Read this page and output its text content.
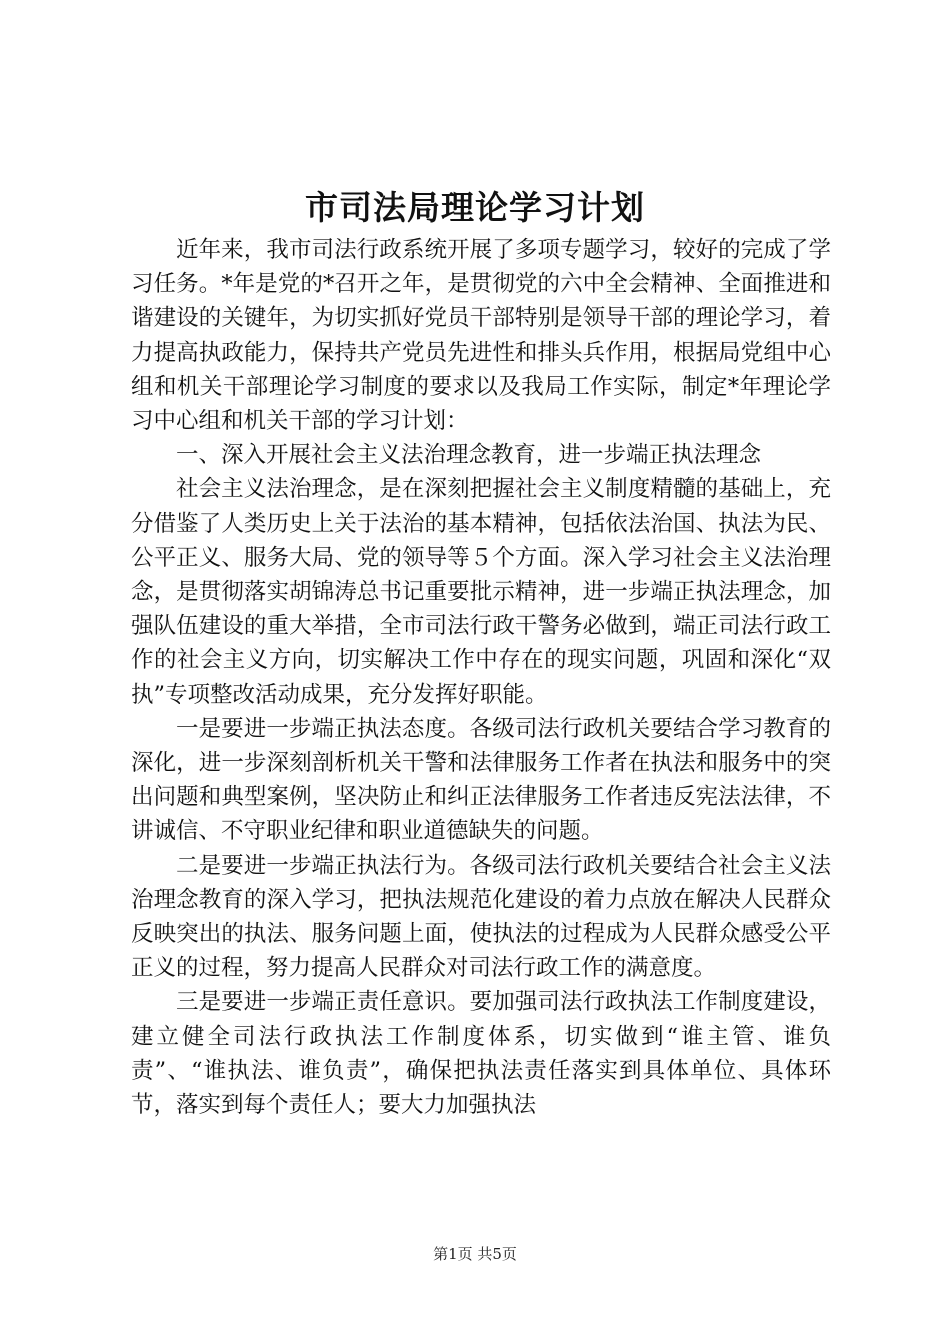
市司法局理论学习计划

近年来，我市司法行政系统开展了多项专题学习，较好的完成了学习任务。*年是党的*召开之年，是贯彻党的六中全会精神、全面推进和谐建设的关键年，为切实抓好党员干部特别是领导干部的理论学习，着力提高执政能力，保持共产党员先进性和排头兵作用，根据局党组中心组和机关干部理论学习制度的要求以及我局工作实际，制定*年理论学习中心组和机关干部的学习计划：

一、深入开展社会主义法治理念教育，进一步端正执法理念

社会主义法治理念，是在深刻把握社会主义制度精髓的基础上，充分借鉴了人类历史上关于法治的基本精神，包括依法治国、执法为民、公平正义、服务大局、党的领导等５个方面。深入学习社会主义法治理念，是贯彻落实胡锦涛总书记重要批示精神，进一步端正执法理念，加强队伍建设的重大举措，全市司法行政干警务必做到，端正司法行政工作的社会主义方向，切实解决工作中存在的现实问题，巩固和深化“双执”专项整改活动成果，充分发挥好职能。

一是要进一步端正执法态度。各级司法行政机关要结合学习教育的深化，进一步深刻剖析机关干警和法律服务工作者在执法和服务中的突出问题和典型案例，坚决防止和纠正法律服务工作者违反宪法法律，不讲诚信、不守职业纪律和职业道德缺失的问题。

二是要进一步端正执法行为。各级司法行政机关要结合社会主义法治理念教育的深入学习，把执法规范化建设的着力点放在解决人民群众反映突出的执法、服务问题上面，使执法的过程成为人民群众感受公平正义的过程，努力提高人民群众对司法行政工作的满意度。

三是要进一步端正责任意识。要加强司法行政执法工作制度建设，建立健全司法行政执法工作制度体系，切实做到“谁主管、谁负责”、“谁执法、谁负责”，确保把执法责任落实到具体单位、具体环节，落实到每个责任人；要大力加强执法

第1页 共5页
